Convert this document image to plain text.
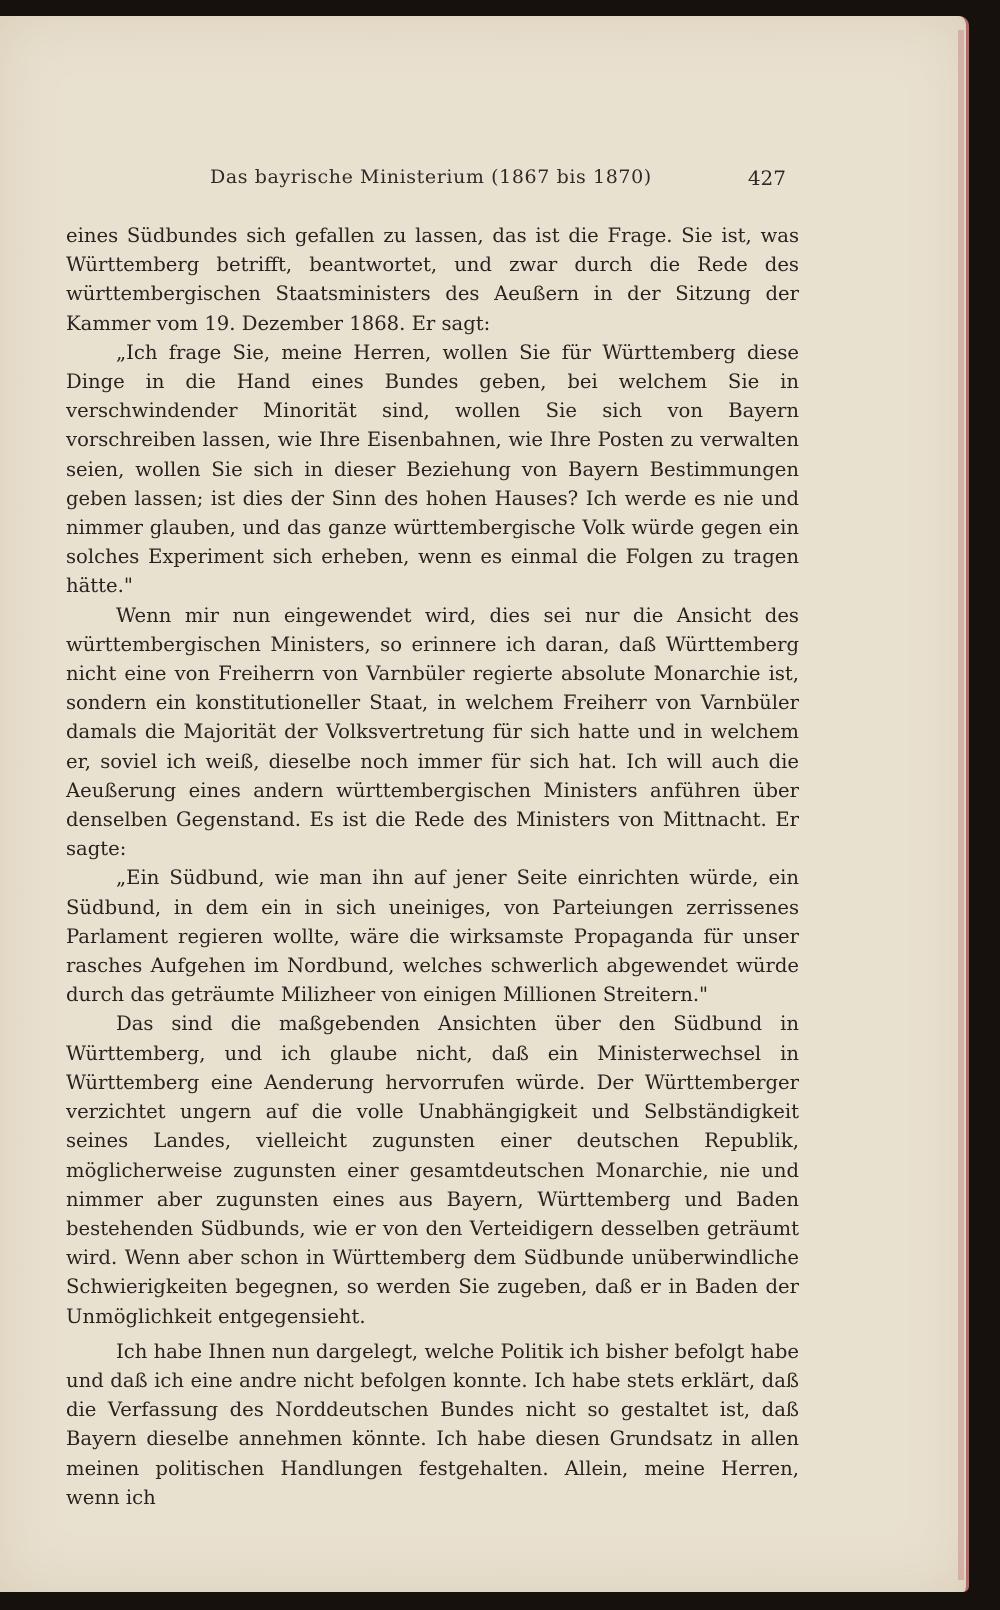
Das bayrische Ministerium (1867 bis 1870)	427

eines Südbundes sich gefallen zu lassen, das ist die Frage. Sie ist, was Württemberg betrifft, beantwortet, und zwar durch die Rede des württembergischen Staatsministers des Aeußern in der Sitzung der Kammer vom 19. Dezember 1868. Er sagt:

„Ich frage Sie, meine Herren, wollen Sie für Württemberg diese Dinge in die Hand eines Bundes geben, bei welchem Sie in verschwindender Minorität sind, wollen Sie sich von Bayern vorschreiben lassen, wie Ihre Eisenbahnen, wie Ihre Posten zu verwalten seien, wollen Sie sich in dieser Beziehung von Bayern Bestimmungen geben lassen; ist dies der Sinn des hohen Hauses? Ich werde es nie und nimmer glauben, und das ganze württembergische Volk würde gegen ein solches Experiment sich erheben, wenn es einmal die Folgen zu tragen hätte."

Wenn mir nun eingewendet wird, dies sei nur die Ansicht des württembergischen Ministers, so erinnere ich daran, daß Württemberg nicht eine von Freiherrn von Varnbüler regierte absolute Monarchie ist, sondern ein konstitutioneller Staat, in welchem Freiherr von Varnbüler damals die Majorität der Volksvertretung für sich hatte und in welchem er, soviel ich weiß, dieselbe noch immer für sich hat. Ich will auch die Aeußerung eines andern württembergischen Ministers anführen über denselben Gegenstand. Es ist die Rede des Ministers von Mittnacht. Er sagte:

„Ein Südbund, wie man ihn auf jener Seite einrichten würde, ein Südbund, in dem ein in sich uneiniges, von Parteiungen zerrissenes Parlament regieren wollte, wäre die wirksamste Propaganda für unser rasches Aufgehen im Nordbund, welches schwerlich abgewendet würde durch das geträumte Milizheer von einigen Millionen Streitern."

Das sind die maßgebenden Ansichten über den Südbund in Württemberg, und ich glaube nicht, daß ein Ministerwechsel in Württemberg eine Aenderung hervorrufen würde. Der Württemberger verzichtet ungern auf die volle Unabhängigkeit und Selbständigkeit seines Landes, vielleicht zugunsten einer deutschen Republik, möglicherweise zugunsten einer gesamtdeutschen Monarchie, nie und nimmer aber zugunsten eines aus Bayern, Württemberg und Baden bestehenden Südbunds, wie er von den Verteidigern desselben geträumt wird. Wenn aber schon in Württemberg dem Südbunde unüberwindliche Schwierigkeiten begegnen, so werden Sie zugeben, daß er in Baden der Unmöglichkeit entgegensieht.

Ich habe Ihnen nun dargelegt, welche Politik ich bisher befolgt habe und daß ich eine andre nicht befolgen konnte. Ich habe stets erklärt, daß die Verfassung des Norddeutschen Bundes nicht so gestaltet ist, daß Bayern dieselbe annehmen könnte. Ich habe diesen Grundsatz in allen meinen politischen Handlungen festgehalten. Allein, meine Herren, wenn ich
